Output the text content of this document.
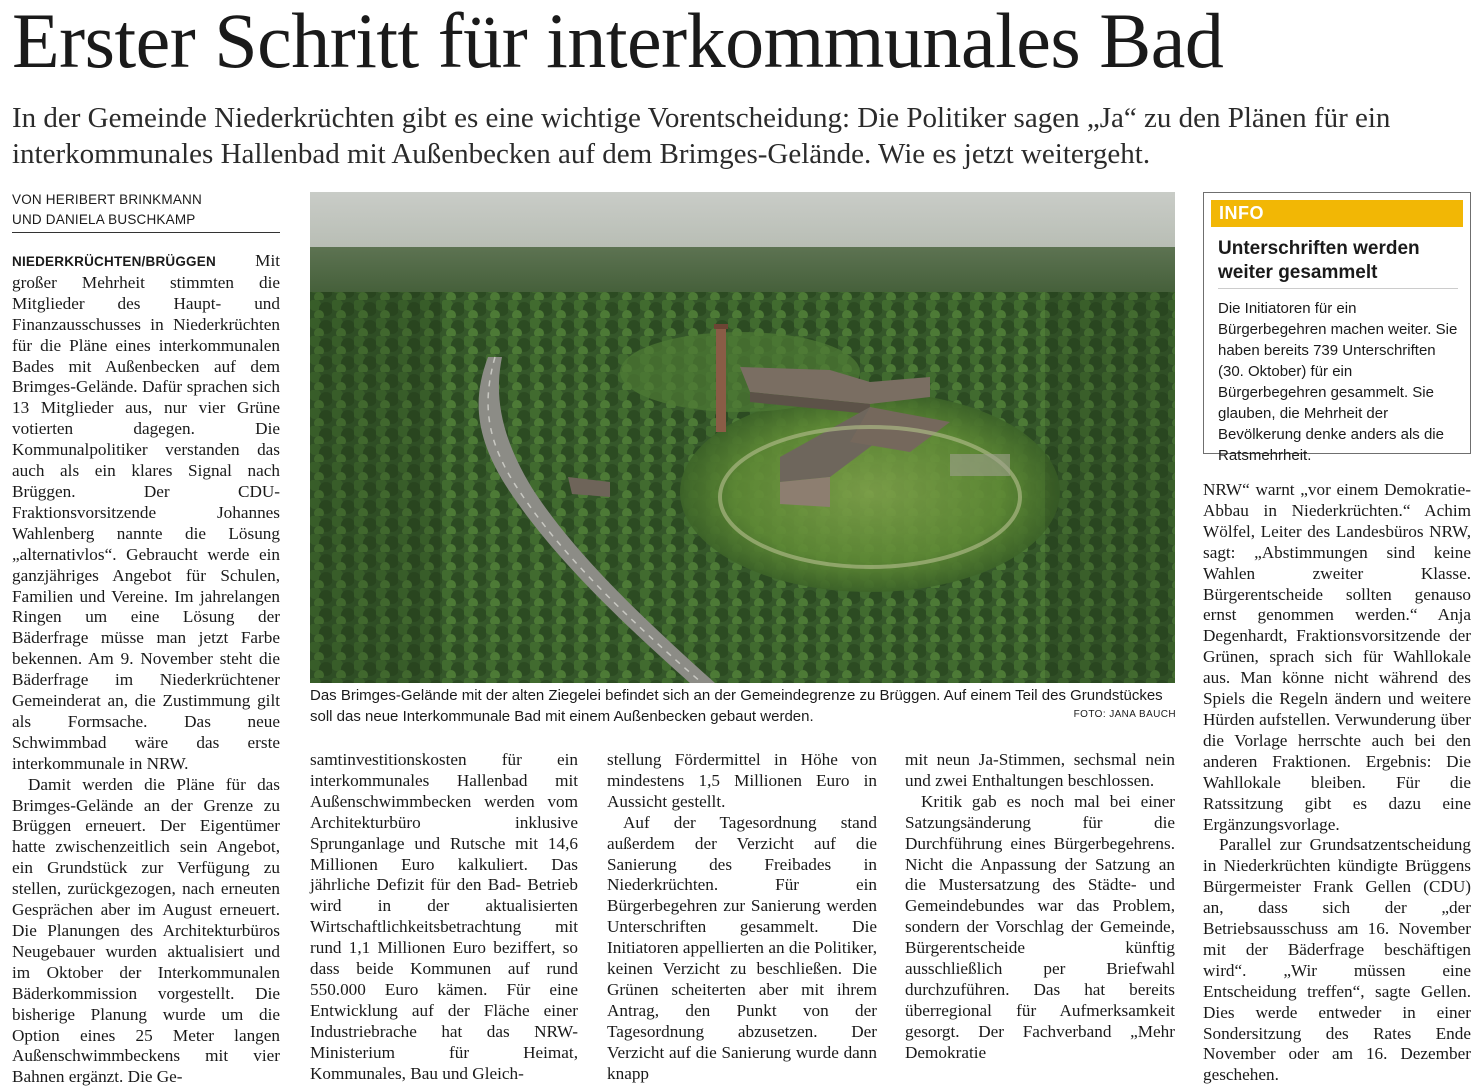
Erster Schritt für interkommunales Bad

In der Gemeinde Niederkrüchten gibt es eine wichtige Vorentscheidung: Die Politiker sagen „Ja“ zu den Plänen für ein interkommunales Hallenbad mit Außenbecken auf dem Brimges-Gelände. Wie es jetzt weitergeht.

VON HERIBERT BRINKMANN
UND DANIELA BUSCHKAMP

NIEDERKRÜCHTEN/BRÜGGEN Mit großer Mehrheit stimmten die Mitglieder des Haupt- und Finanzausschusses in Niederkrüchten für die Pläne eines interkommunalen Bades mit Außenbecken auf dem Brimges-Gelände. Dafür sprachen sich 13 Mitglieder aus, nur vier Grüne votierten dagegen. Die Kommunalpolitiker verstanden das auch als ein klares Signal nach Brüggen. Der CDU-Fraktionsvorsitzende Johannes Wahlenberg nannte die Lösung „alternativlos“. Gebraucht werde ein ganzjähriges Angebot für Schulen, Familien und Vereine. Im jahrelangen Ringen um eine Lösung der Bäderfrage müsse man jetzt Farbe bekennen. Am 9. November steht die Bäderfrage im Niederkrüchtener Gemeinderat an, die Zustimmung gilt als Formsache. Das neue Schwimmbad wäre das erste interkommunale in NRW.

Damit werden die Pläne für das Brimges-Gelände an der Grenze zu Brüggen erneuert. Der Eigentümer hatte zwischenzeitlich sein Angebot, ein Grundstück zur Verfügung zu stellen, zurückgezogen, nach erneuten Gesprächen aber im August erneuert. Die Planungen des Architekturbüros Neugebauer wurden aktualisiert und im Oktober der Interkommunalen Bäderkommission vorgestellt. Die bisherige Planung wurde um die Option eines 25 Meter langen Außenschwimmbeckens mit vier Bahnen ergänzt. Die Ge-

Das Brimges-Gelände mit der alten Ziegelei befindet sich an der Gemeindegrenze zu Brüggen. Auf einem Teil des Grundstückes soll das neue Interkommunale Bad mit einem Außenbecken gebaut werden.	FOTO: JANA BAUCH

samtinvestitionskosten für ein interkommunales Hallenbad mit Außenschwimmbecken werden vom Architekturbüro inklusive Sprunganlage und Rutsche mit 14,6 Millionen Euro kalkuliert. Das jährliche Defizit für den Bad- Betrieb wird in der aktualisierten Wirtschaftlichkeitsbetrachtung mit rund 1,1 Millionen Euro beziffert, so dass beide Kommunen auf rund 550.000 Euro kämen. Für eine Entwicklung auf der Fläche einer Industriebrache hat das NRW-Ministerium für Heimat, Kommunales, Bau und Gleich-

stellung Fördermittel in Höhe von mindestens 1,5 Millionen Euro in Aussicht gestellt.

Auf der Tagesordnung stand außerdem der Verzicht auf die Sanierung des Freibades in Niederkrüchten. Für ein Bürgerbegehren zur Sanierung werden Unterschriften gesammelt. Die Initiatoren appellierten an die Politiker, keinen Verzicht zu beschließen. Die Grünen scheiterten aber mit ihrem Antrag, den Punkt von der Tagesordnung abzusetzen. Der Verzicht auf die Sanierung wurde dann knapp

mit neun Ja-Stimmen, sechsmal nein und zwei Enthaltungen beschlossen.

Kritik gab es noch mal bei einer Satzungsänderung für die Durchführung eines Bürgerbegehrens. Nicht die Anpassung der Satzung an die Mustersatzung des Städte- und Gemeindebundes war das Problem, sondern der Vorschlag der Gemeinde, Bürgerentscheide künftig ausschließlich per Briefwahl durchzuführen. Das hat bereits überregional für Aufmerksamkeit gesorgt. Der Fachverband „Mehr Demokratie

INFO
Unterschriften werden weiter gesammelt
Die Initiatoren für ein Bürgerbegehren machen weiter. Sie haben bereits 739 Unterschriften (30. Oktober) für ein Bürgerbegehren gesammelt. Sie glauben, die Mehrheit der Bevölkerung denke anders als die Ratsmehrheit.

NRW“ warnt „vor einem Demokratie-Abbau in Niederkrüchten.“ Achim Wölfel, Leiter des Landesbüros NRW, sagt: „Abstimmungen sind keine Wahlen zweiter Klasse. Bürgerentscheide sollten genauso ernst genommen werden.“ Anja Degenhardt, Fraktionsvorsitzende der Grünen, sprach sich für Wahllokale aus. Man könne nicht während des Spiels die Regeln ändern und weitere Hürden aufstellen. Verwunderung über die Vorlage herrschte auch bei den anderen Fraktionen. Ergebnis: Die Wahllokale bleiben. Für die Ratssitzung gibt es dazu eine Ergänzungsvorlage.

Parallel zur Grundsatzentscheidung in Niederkrüchten kündigte Brüggens Bürgermeister Frank Gellen (CDU) an, dass sich der „der Betriebsausschuss am 16. November mit der Bäderfrage beschäftigen wird“. „Wir müssen eine Entscheidung treffen“, sagte Gellen. Dies werde entweder in einer Sondersitzung des Rates Ende November oder am 16. Dezember geschehen.
